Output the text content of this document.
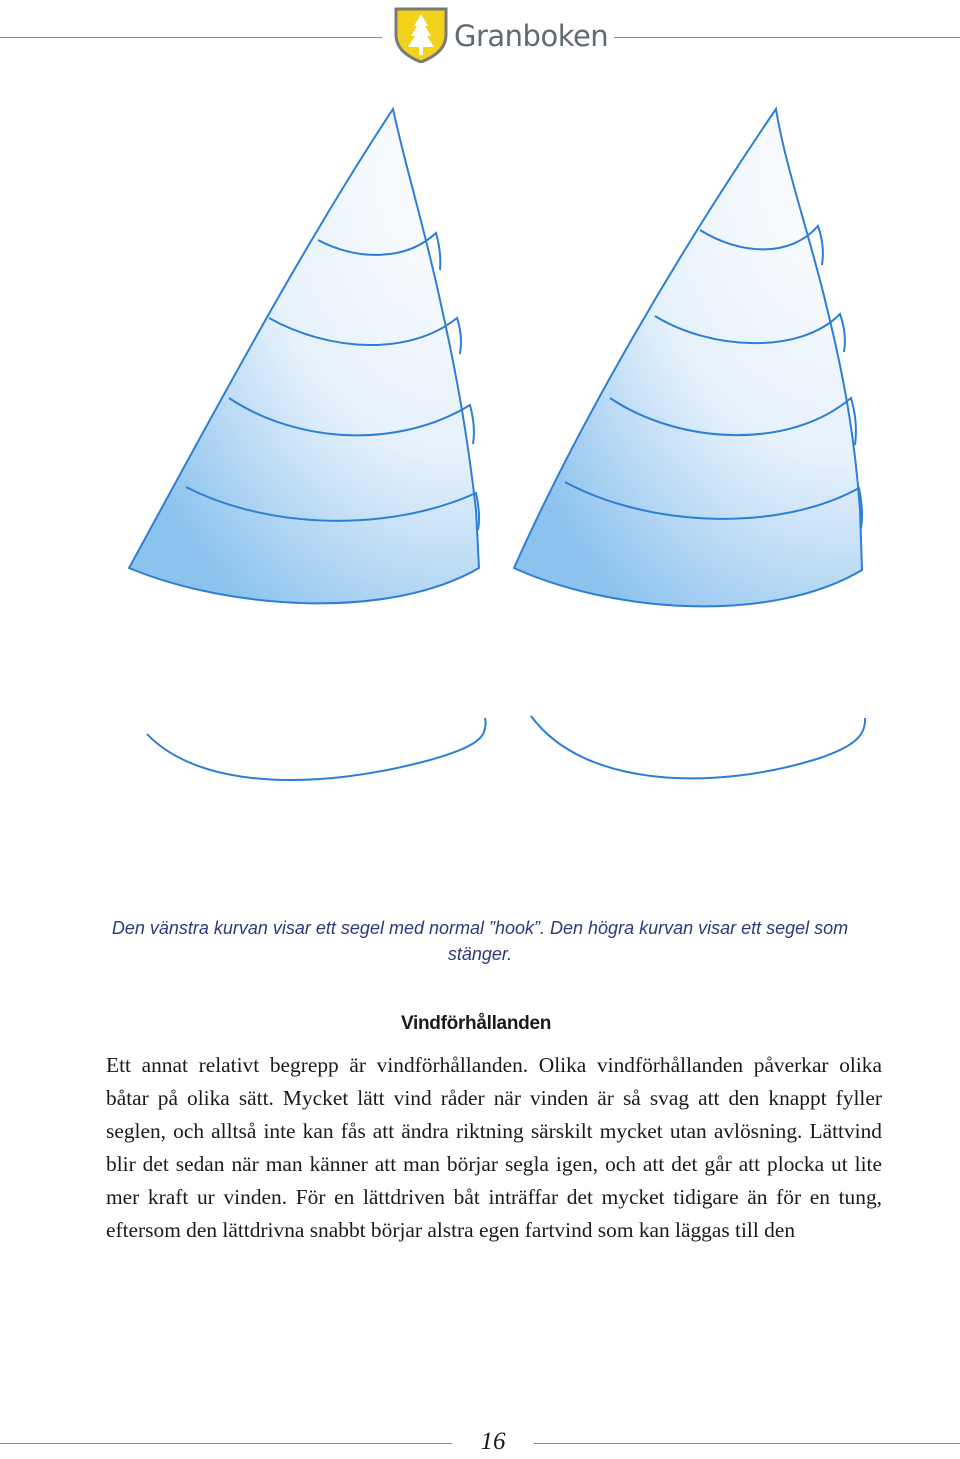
Granboken
Den vänstra kurvan visar ett segel med normal ”hook”. Den högra kurvan visar ett segel som stänger.
Vindförhållanden
Ett annat relativt begrepp är vindförhållanden. Olika vindförhållanden påverkar olika båtar på olika sätt. Mycket lätt vind råder när vinden är så svag att den knappt fyller seglen, och alltså inte kan fås att ändra riktning särskilt mycket utan avlösning. Lättvind blir det sedan när man känner att man börjar segla igen, och att det går att plocka ut lite mer kraft ur vinden. För en lättdriven båt inträffar det mycket tidigare än för en tung, eftersom den lättdrivna snabbt börjar alstra egen fartvind som kan läggas till den
16
